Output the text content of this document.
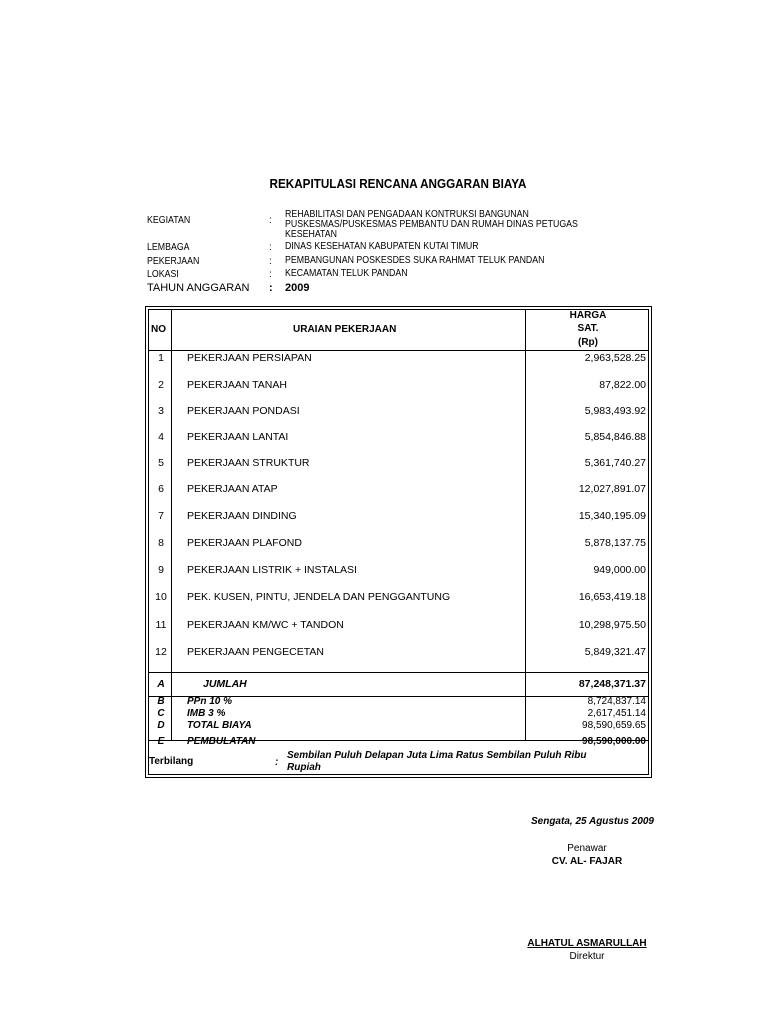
REKAPITULASI RENCANA ANGGARAN BIAYA
KEGIATAN	:
REHABILITASI DAN PENGADAAN KONTRUKSI BANGUNAN
PUSKESMAS/PUSKESMAS PEMBANTU DAN RUMAH DINAS PETUGAS
KESEHATAN
LEMBAGA	: DINAS KESEHATAN KABUPATEN KUTAI TIMUR
PEKERJAAN	: PEMBANGUNAN POSKESDES SUKA RAHMAT TELUK PANDAN
LOKASI	: KECAMATAN TELUK PANDAN
TAHUN ANGGARAN : 2009
NO	URAIAN PEKERJAAN
HARGA
SAT.
(Rp)
1	PEKERJAAN PERSIAPAN	2,963,528.25
2	PEKERJAAN TANAH	87,822.00
3	PEKERJAAN PONDASI	5,983,493.92
4	PEKERJAAN LANTAI	5,854,846.88
5	PEKERJAAN STRUKTUR	5,361,740.27
6	PEKERJAAN ATAP	12,027,891.07
7	PEKERJAAN DINDING	15,340,195.09
8	PEKERJAAN PLAFOND	5,878,137.75
9	PEKERJAAN LISTRIK + INSTALASI	949,000.00
10	PEK. KUSEN, PINTU, JENDELA DAN PENGGANTUNG	16,653,419.18
11	PEKERJAAN KM/WC + TANDON	10,298,975.50
12	PEKERJAAN PENGECETAN	5,849,321.47
A	JUMLAH	87,248,371.37
B	PPn 10 %	8,724,837.14
C	IMB 3 %	2,617,451.14
D	TOTAL BIAYA	98,590,659.65
E	PEMBULATAN	98,590,000.00
Terbilang	:
Sembilan Puluh Delapan Juta Lima Ratus Sembilan Puluh Ribu
Rupiah
Sengata, 25 Agustus 2009
Penawar
CV. AL- FAJAR
ALHATUL ASMARULLAH
Direktur
